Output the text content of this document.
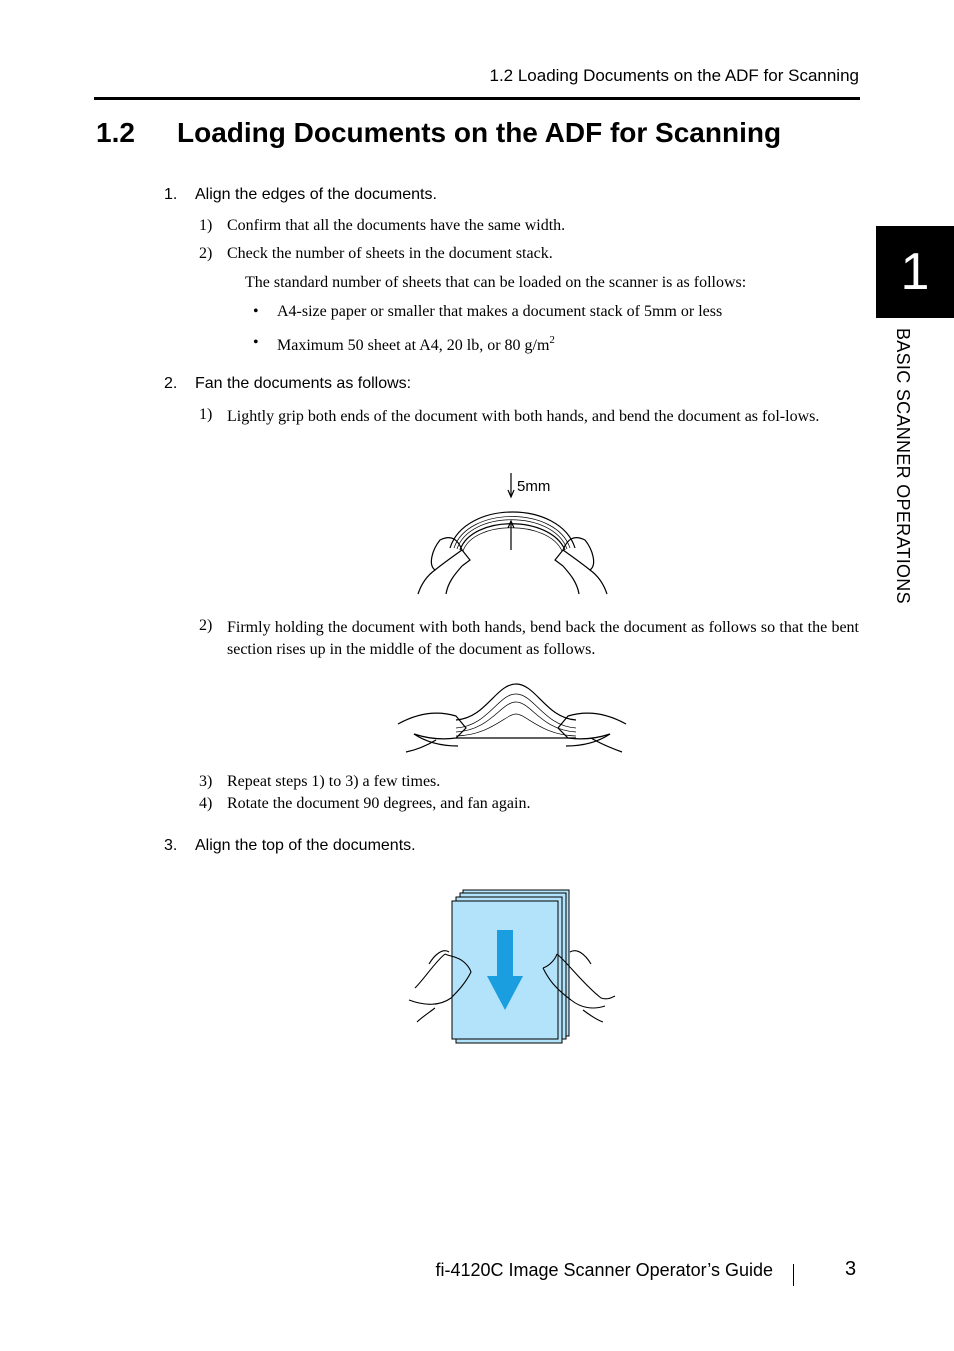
1.2 Loading Documents on the ADF for Scanning
1.2 Loading Documents on the ADF for Scanning
1. Align the edges of the documents.
1) Confirm that all the documents have the same width.
2) Check the number of sheets in the document stack.
The standard number of sheets that can be loaded on the scanner is as follows:
• A4-size paper or smaller that makes a document stack of 5mm or less
• Maximum 50 sheet at A4, 20 lb, or 80 $g/m^2$
2. Fan the documents as follows:
1) Lightly grip both ends of the document with both hands, and bend the document as fol-lows.
5mm
2) Firmly holding the document with both hands, bend back the document as follows so that the bent section rises up in the middle of the document as follows.
3) Repeat steps 1) to 3) a few times.
4) Rotate the document 90 degrees, and fan again.
3. Align the top of the documents.
1
BASIC SCANNER OPERATIONS
fi-4120C Image Scanner Operator’s Guide	3
